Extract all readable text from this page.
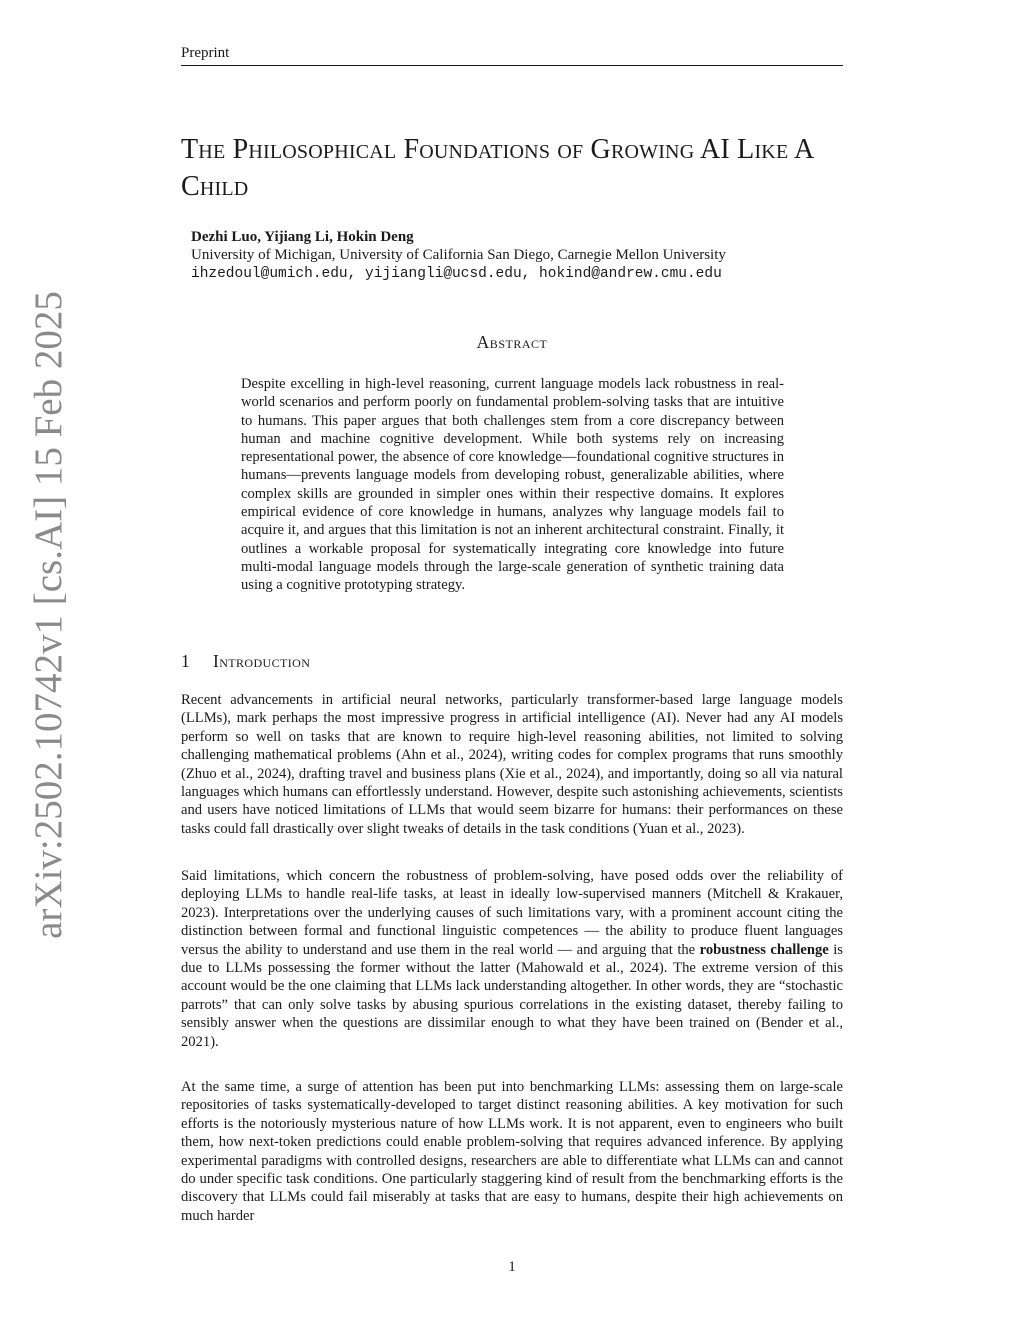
Preprint
arXiv:2502.10742v1 [cs.AI] 15 Feb 2025
The Philosophical Foundations of Growing AI Like A Child
Dezhi Luo, Yijiang Li, Hokin Deng
University of Michigan, University of California San Diego, Carnegie Mellon University
ihzedoul@umich.edu, yijiangli@ucsd.edu, hokind@andrew.cmu.edu
Abstract

Despite excelling in high-level reasoning, current language models lack robustness in real-world scenarios and perform poorly on fundamental problem-solving tasks that are intuitive to humans. This paper argues that both challenges stem from a core discrepancy between human and machine cognitive development. While both systems rely on increasing representational power, the absence of core knowledge—foundational cognitive structures in humans—prevents language models from developing robust, generalizable abilities, where complex skills are grounded in simpler ones within their respective domains. It explores empirical evidence of core knowledge in humans, analyzes why language models fail to acquire it, and argues that this limitation is not an inherent architectural constraint. Finally, it outlines a workable proposal for systematically integrating core knowledge into future multi-modal language models through the large-scale generation of synthetic training data using a cognitive prototyping strategy.

1 Introduction

Recent advancements in artificial neural networks, particularly transformer-based large language models (LLMs), mark perhaps the most impressive progress in artificial intelligence (AI). Never had any AI models perform so well on tasks that are known to require high-level reasoning abilities, not limited to solving challenging mathematical problems (Ahn et al., 2024), writing codes for complex programs that runs smoothly (Zhuo et al., 2024), drafting travel and business plans (Xie et al., 2024), and importantly, doing so all via natural languages which humans can effortlessly understand. However, despite such astonishing achievements, scientists and users have noticed limitations of LLMs that would seem bizarre for humans: their performances on these tasks could fall drastically over slight tweaks of details in the task conditions (Yuan et al., 2023).

Said limitations, which concern the robustness of problem-solving, have posed odds over the reliability of deploying LLMs to handle real-life tasks, at least in ideally low-supervised manners (Mitchell & Krakauer, 2023). Interpretations over the underlying causes of such limitations vary, with a prominent account citing the distinction between formal and functional linguistic competences — the ability to produce fluent languages versus the ability to understand and use them in the real world — and arguing that the robustness challenge is due to LLMs possessing the former without the latter (Mahowald et al., 2024). The extreme version of this account would be the one claiming that LLMs lack understanding altogether. In other words, they are “stochastic parrots” that can only solve tasks by abusing spurious correlations in the existing dataset, thereby failing to sensibly answer when the questions are dissimilar enough to what they have been trained on (Bender et al., 2021).

At the same time, a surge of attention has been put into benchmarking LLMs: assessing them on large-scale repositories of tasks systematically-developed to target distinct reasoning abilities. A key motivation for such efforts is the notoriously mysterious nature of how LLMs work. It is not apparent, even to engineers who built them, how next-token predictions could enable problem-solving that requires advanced inference. By applying experimental paradigms with controlled designs, researchers are able to differentiate what LLMs can and cannot do under specific task conditions. One particularly staggering kind of result from the benchmarking efforts is the discovery that LLMs could fail miserably at tasks that are easy to humans, despite their high achievements on much harder

1
